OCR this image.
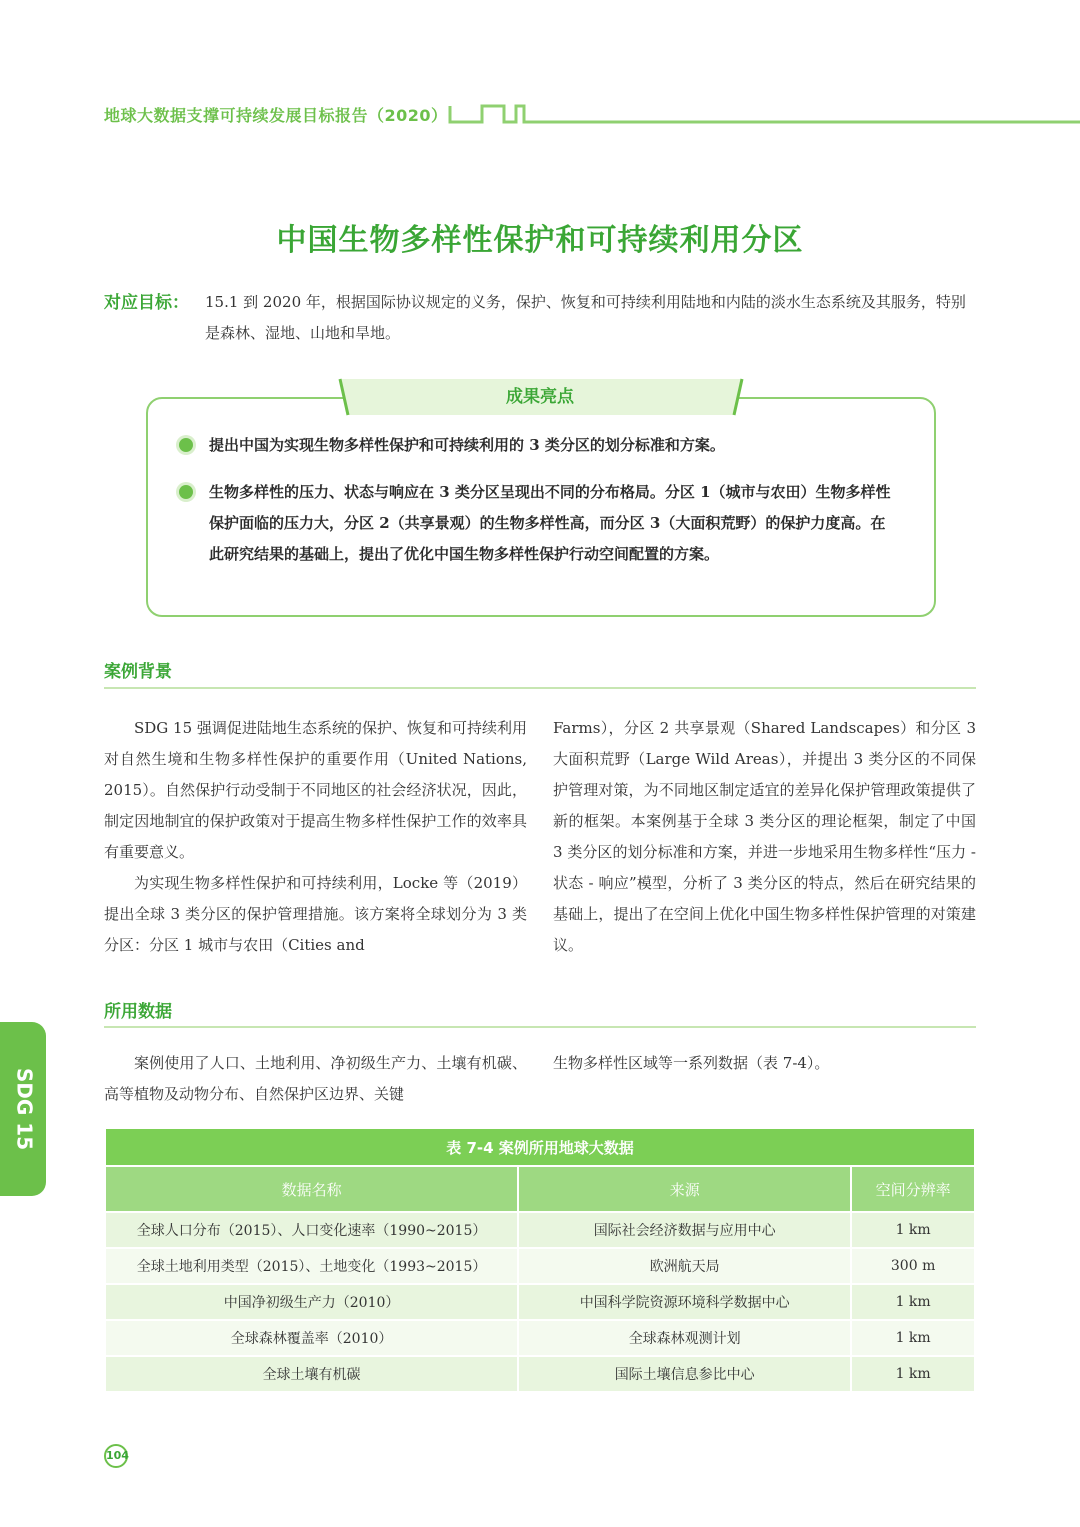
地球大数据支撑可持续发展目标报告（2020）
中国生物多样性保护和可持续利用分区
对应目标： 15.1 到 2020 年，根据国际协议规定的义务，保护、恢复和可持续利用陆地和内陆的淡水生态系统及其服务，特别是森林、湿地、山地和旱地。
成果亮点
提出中国为实现生物多样性保护和可持续利用的 3 类分区的划分标准和方案。
生物多样性的压力、状态与响应在 3 类分区呈现出不同的分布格局。分区 1（城市与农田）生物多样性保护面临的压力大，分区 2（共享景观）的生物多样性高，而分区 3（大面积荒野）的保护力度高。在此研究结果的基础上，提出了优化中国生物多样性保护行动空间配置的方案。
案例背景

SDG 15 强调促进陆地生态系统的保护、恢复和可持续利用对自然生境和生物多样性保护的重要作用（United Nations, 2015）。自然保护行动受制于不同地区的社会经济状况，因此，制定因地制宜的保护政策对于提高生物多样性保护工作的效率具有重要意义。

为实现生物多样性保护和可持续利用，Locke 等（2019）提出全球 3 类分区的保护管理措施。该方案将全球划分为 3 类分区：分区 1 城市与农田（Cities and

Farms），分区 2 共享景观（Shared Landscapes）和分区 3 大面积荒野（Large Wild Areas），并提出 3 类分区的不同保护管理对策，为不同地区制定适宜的差异化保护管理政策提供了新的框架。本案例基于全球 3 类分区的理论框架，制定了中国 3 类分区的划分标准和方案，并进一步地采用生物多样性“压力 - 状态 - 响应”模型，分析了 3 类分区的特点，然后在研究结果的基础上，提出了在空间上优化中国生物多样性保护管理的对策建议。

所用数据

案例使用了人口、土地利用、净初级生产力、土壤有机碳、高等植物及动物分布、自然保护区边界、关键

生物多样性区域等一系列数据（表 7-4）。

SDG 15	表 7-4 案例所用地球大数据		
数据名称	来源	空间分辨率
全球人口分布（2015）、人口变化速率（1990~2015）	国际社会经济数据与应用中心	1 km
全球土地利用类型（2015）、土地变化（1993~2015）	欧洲航天局	300 m
中国净初级生产力（2010）	中国科学院资源环境科学数据中心	1 km
全球森林覆盖率（2010）	全球森林观测计划	1 km
全球土壤有机碳	国际土壤信息参比中心	1 km
104
